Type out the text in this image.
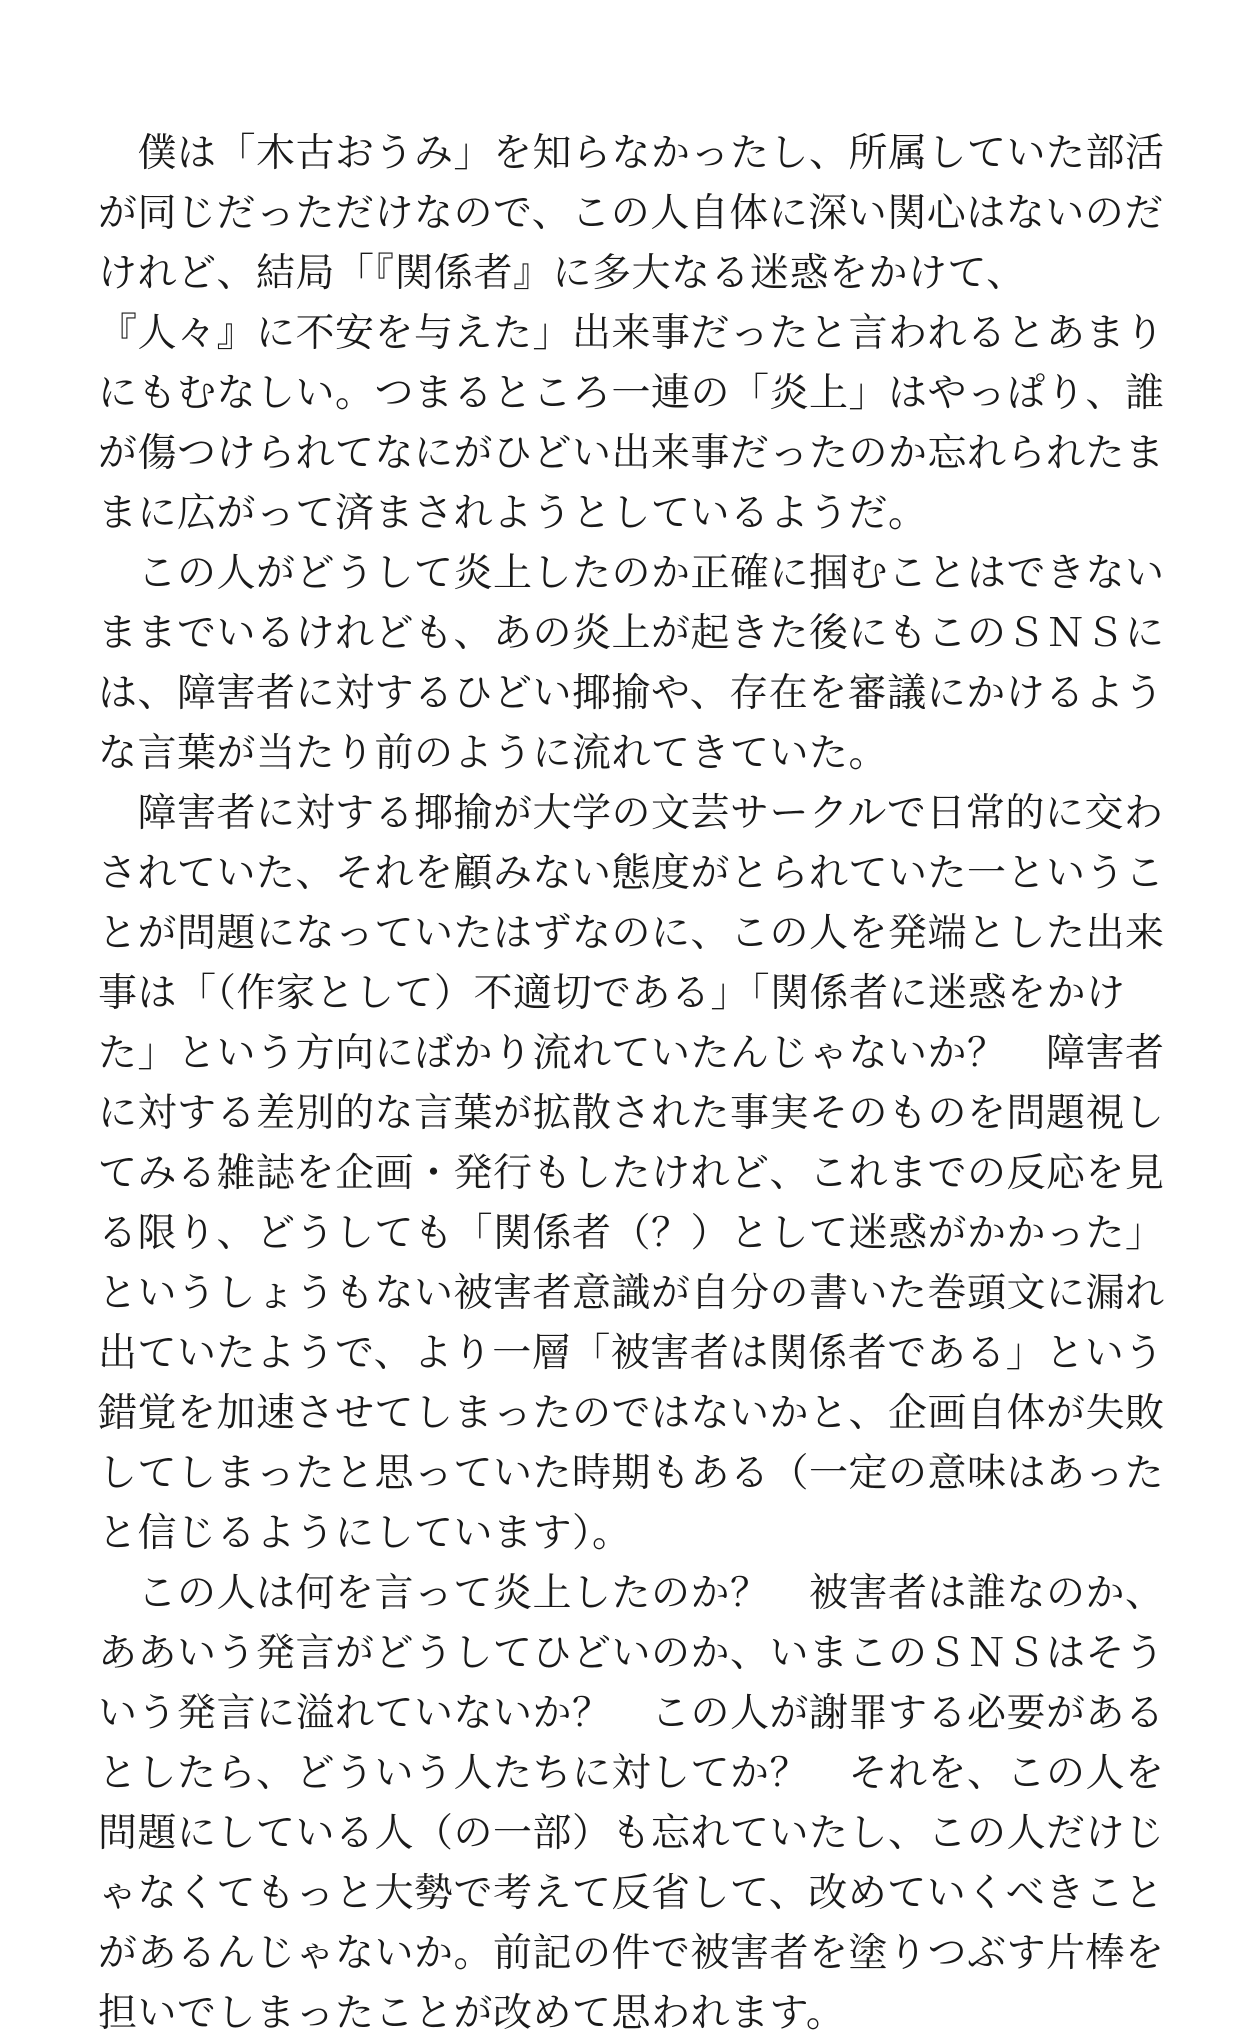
　僕は「木古おうみ」を知らなかったし、所属していた部活
が同じだっただけなので、この人自体に深い関心はないのだ
けれど、結局「『関係者』に多大なる迷惑をかけて、
『人々』に不安を与えた」出来事だったと言われるとあまり
にもむなしい。つまるところ一連の「炎上」はやっぱり、誰
が傷つけられてなにがひどい出来事だったのか忘れられたま
まに広がって済まされようとしているようだ。
　この人がどうして炎上したのか正確に掴むことはできない
ままでいるけれども、あの炎上が起きた後にもこのＳＮＳに
は、障害者に対するひどい揶揄や、存在を審議にかけるよう
な言葉が当たり前のように流れてきていた。
　障害者に対する揶揄が大学の文芸サークルで日常的に交わ
されていた、それを顧みない態度がとられていた一というこ
とが問題になっていたはずなのに、この人を発端とした出来
事は「（作家として）不適切である」「関係者に迷惑をかけ
た」という方向にばかり流れていたんじゃないか？　障害者
に対する差別的な言葉が拡散された事実そのものを問題視し
てみる雑誌を企画・発行もしたけれど、これまでの反応を見
る限り、どうしても「関係者（？）として迷惑がかかった」
というしょうもない被害者意識が自分の書いた巻頭文に漏れ
出ていたようで、より一層「被害者は関係者である」という
錯覚を加速させてしまったのではないかと、企画自体が失敗
してしまったと思っていた時期もある（一定の意味はあった
と信じるようにしています）。
　この人は何を言って炎上したのか？　被害者は誰なのか、
ああいう発言がどうしてひどいのか、いまこのＳＮＳはそう
いう発言に溢れていないか？　この人が謝罪する必要がある
としたら、どういう人たちに対してか？　それを、この人を
問題にしている人（の一部）も忘れていたし、この人だけじ
ゃなくてもっと大勢で考えて反省して、改めていくべきこと
があるんじゃないか。前記の件で被害者を塗りつぶす片棒を
担いでしまったことが改めて思われます。
